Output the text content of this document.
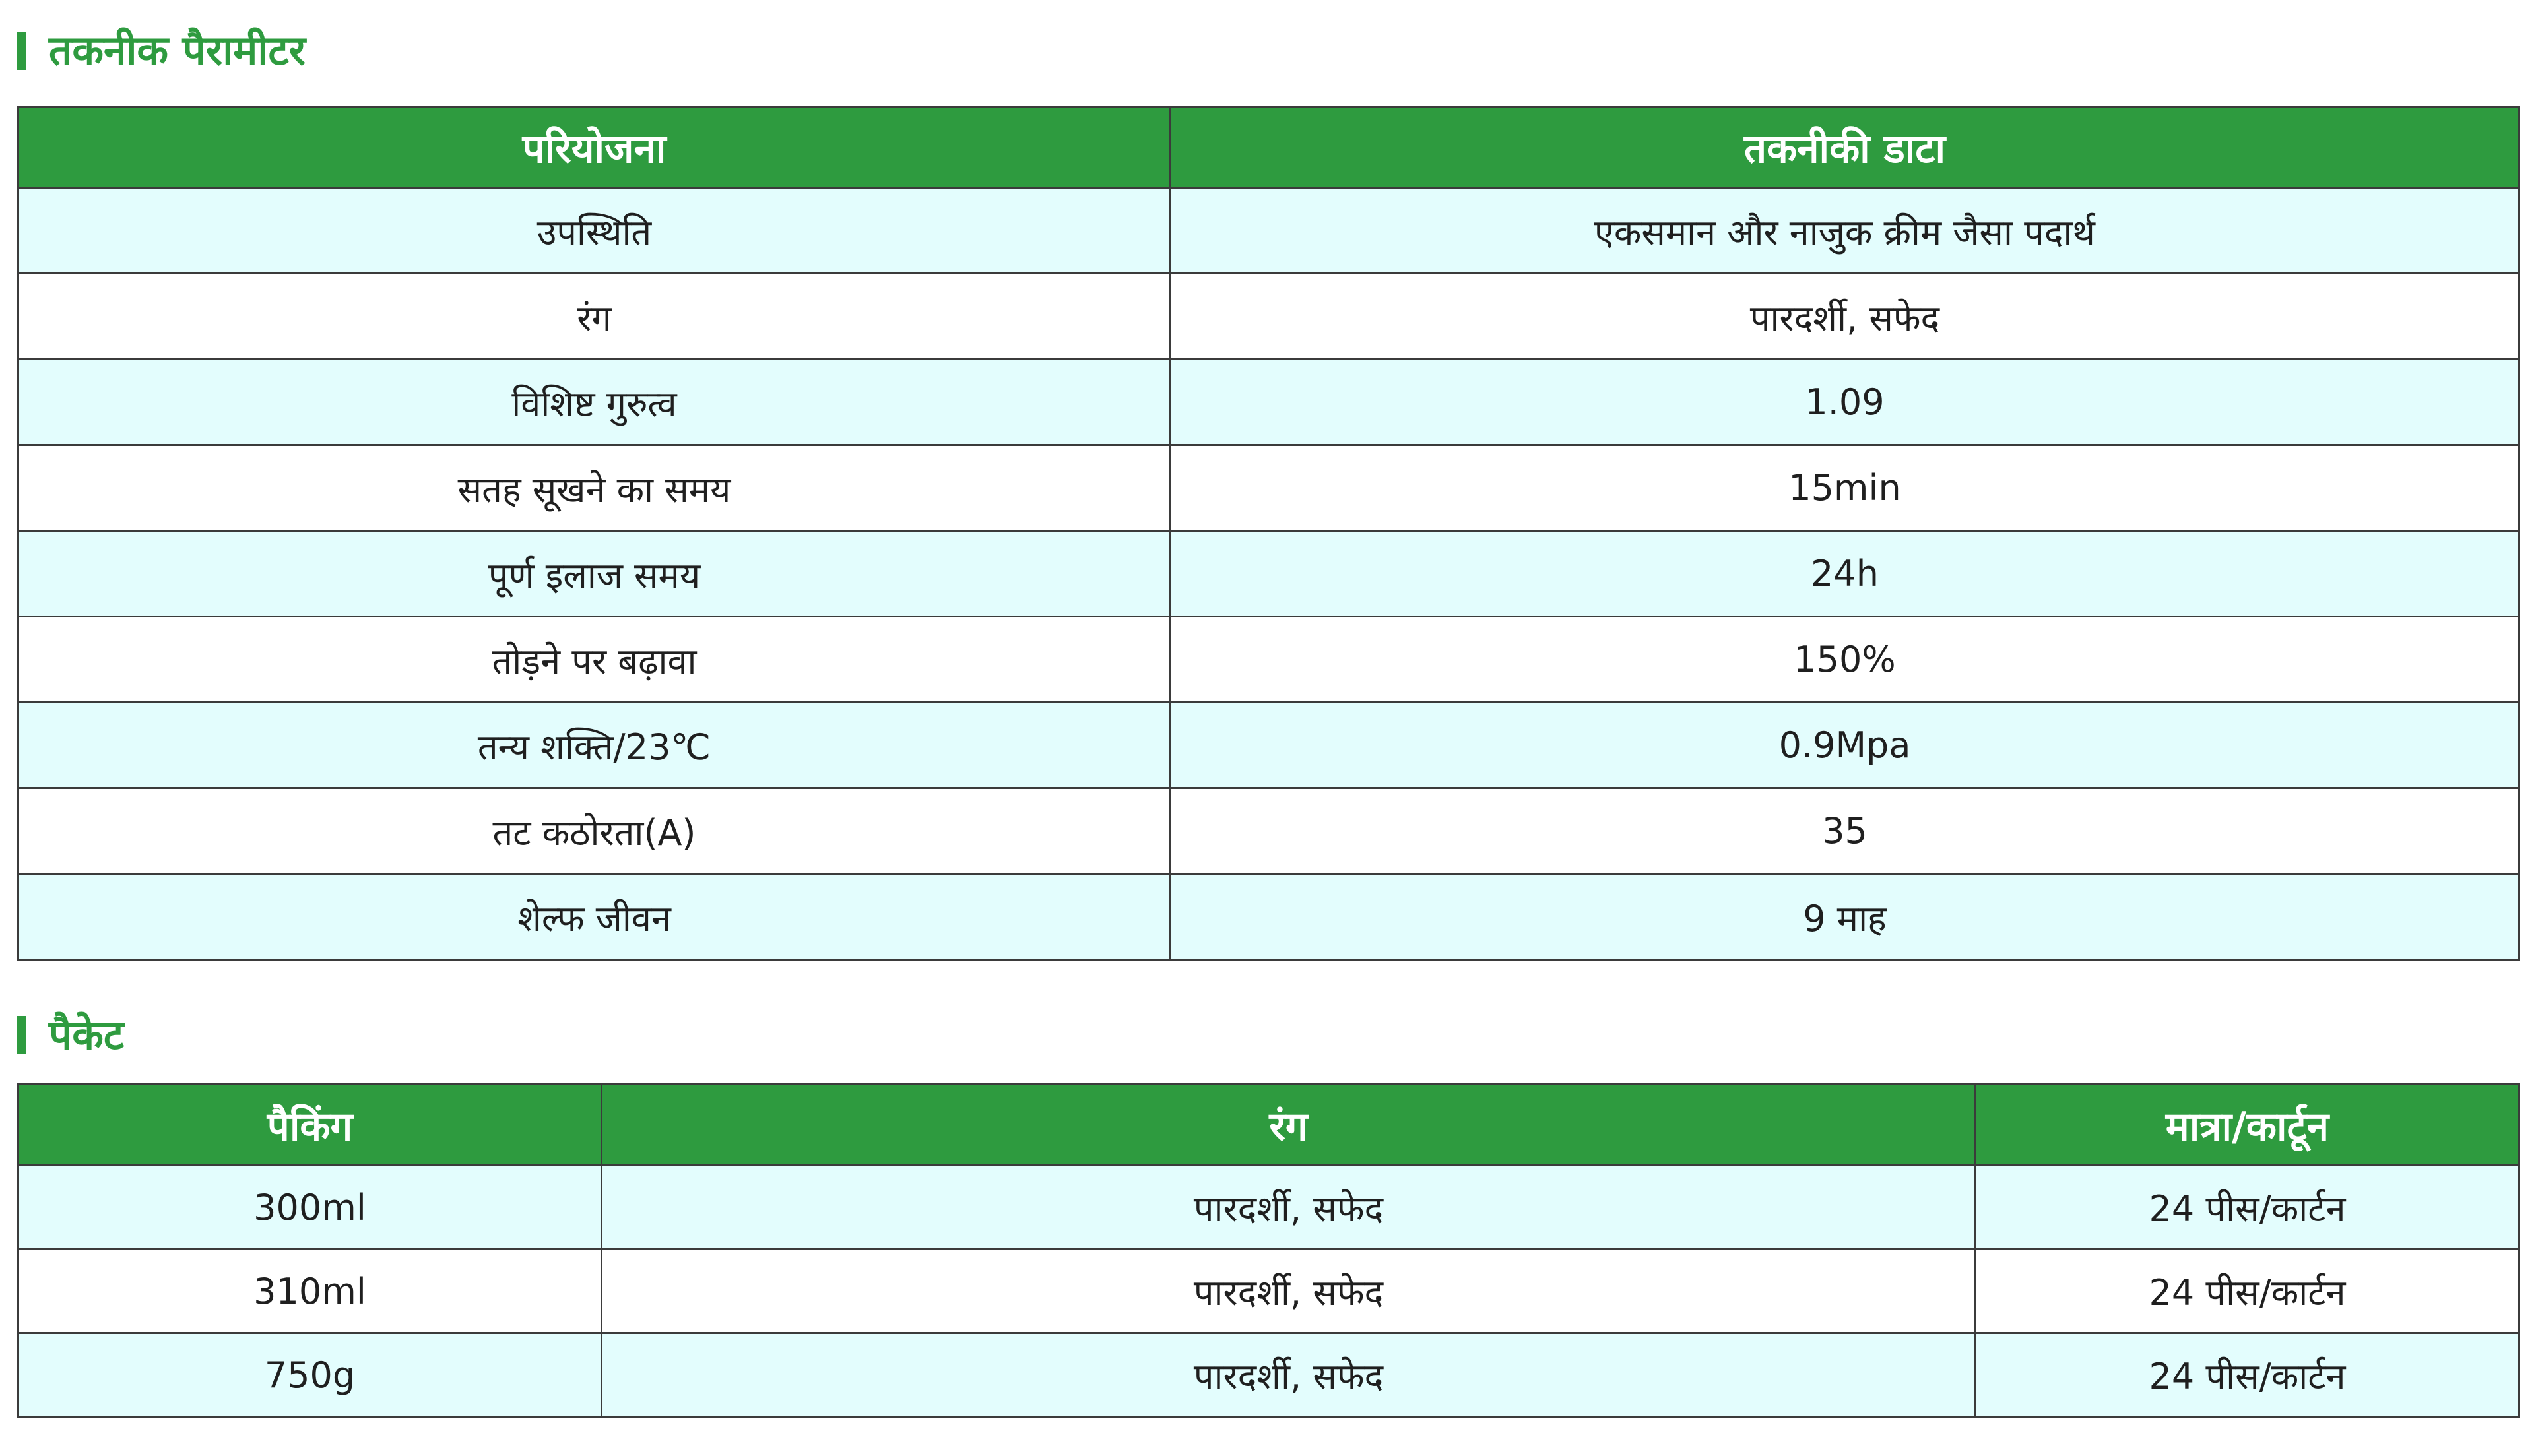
तकनीक पैरामीटर
परियोजना	तकनीकी डाटा
उपस्थिति	एकसमान और नाजुक क्रीम जैसा पदार्थ
रंग	पारदर्शी, सफेद
विशिष्ट गुरुत्व	1.09
सतह सूखने का समय	15min
पूर्ण इलाज समय	24h
तोड़ने पर बढ़ावा	150%
तन्य शक्ति/23℃	0.9Mpa
तट कठोरता(A)	35
शेल्फ जीवन	9 माह
पैकेट
पैकिंग	रंग	मात्रा/कार्टून
300ml	पारदर्शी, सफेद	24 पीस/कार्टन
310ml	पारदर्शी, सफेद	24 पीस/कार्टन
750g	पारदर्शी, सफेद	24 पीस/कार्टन
